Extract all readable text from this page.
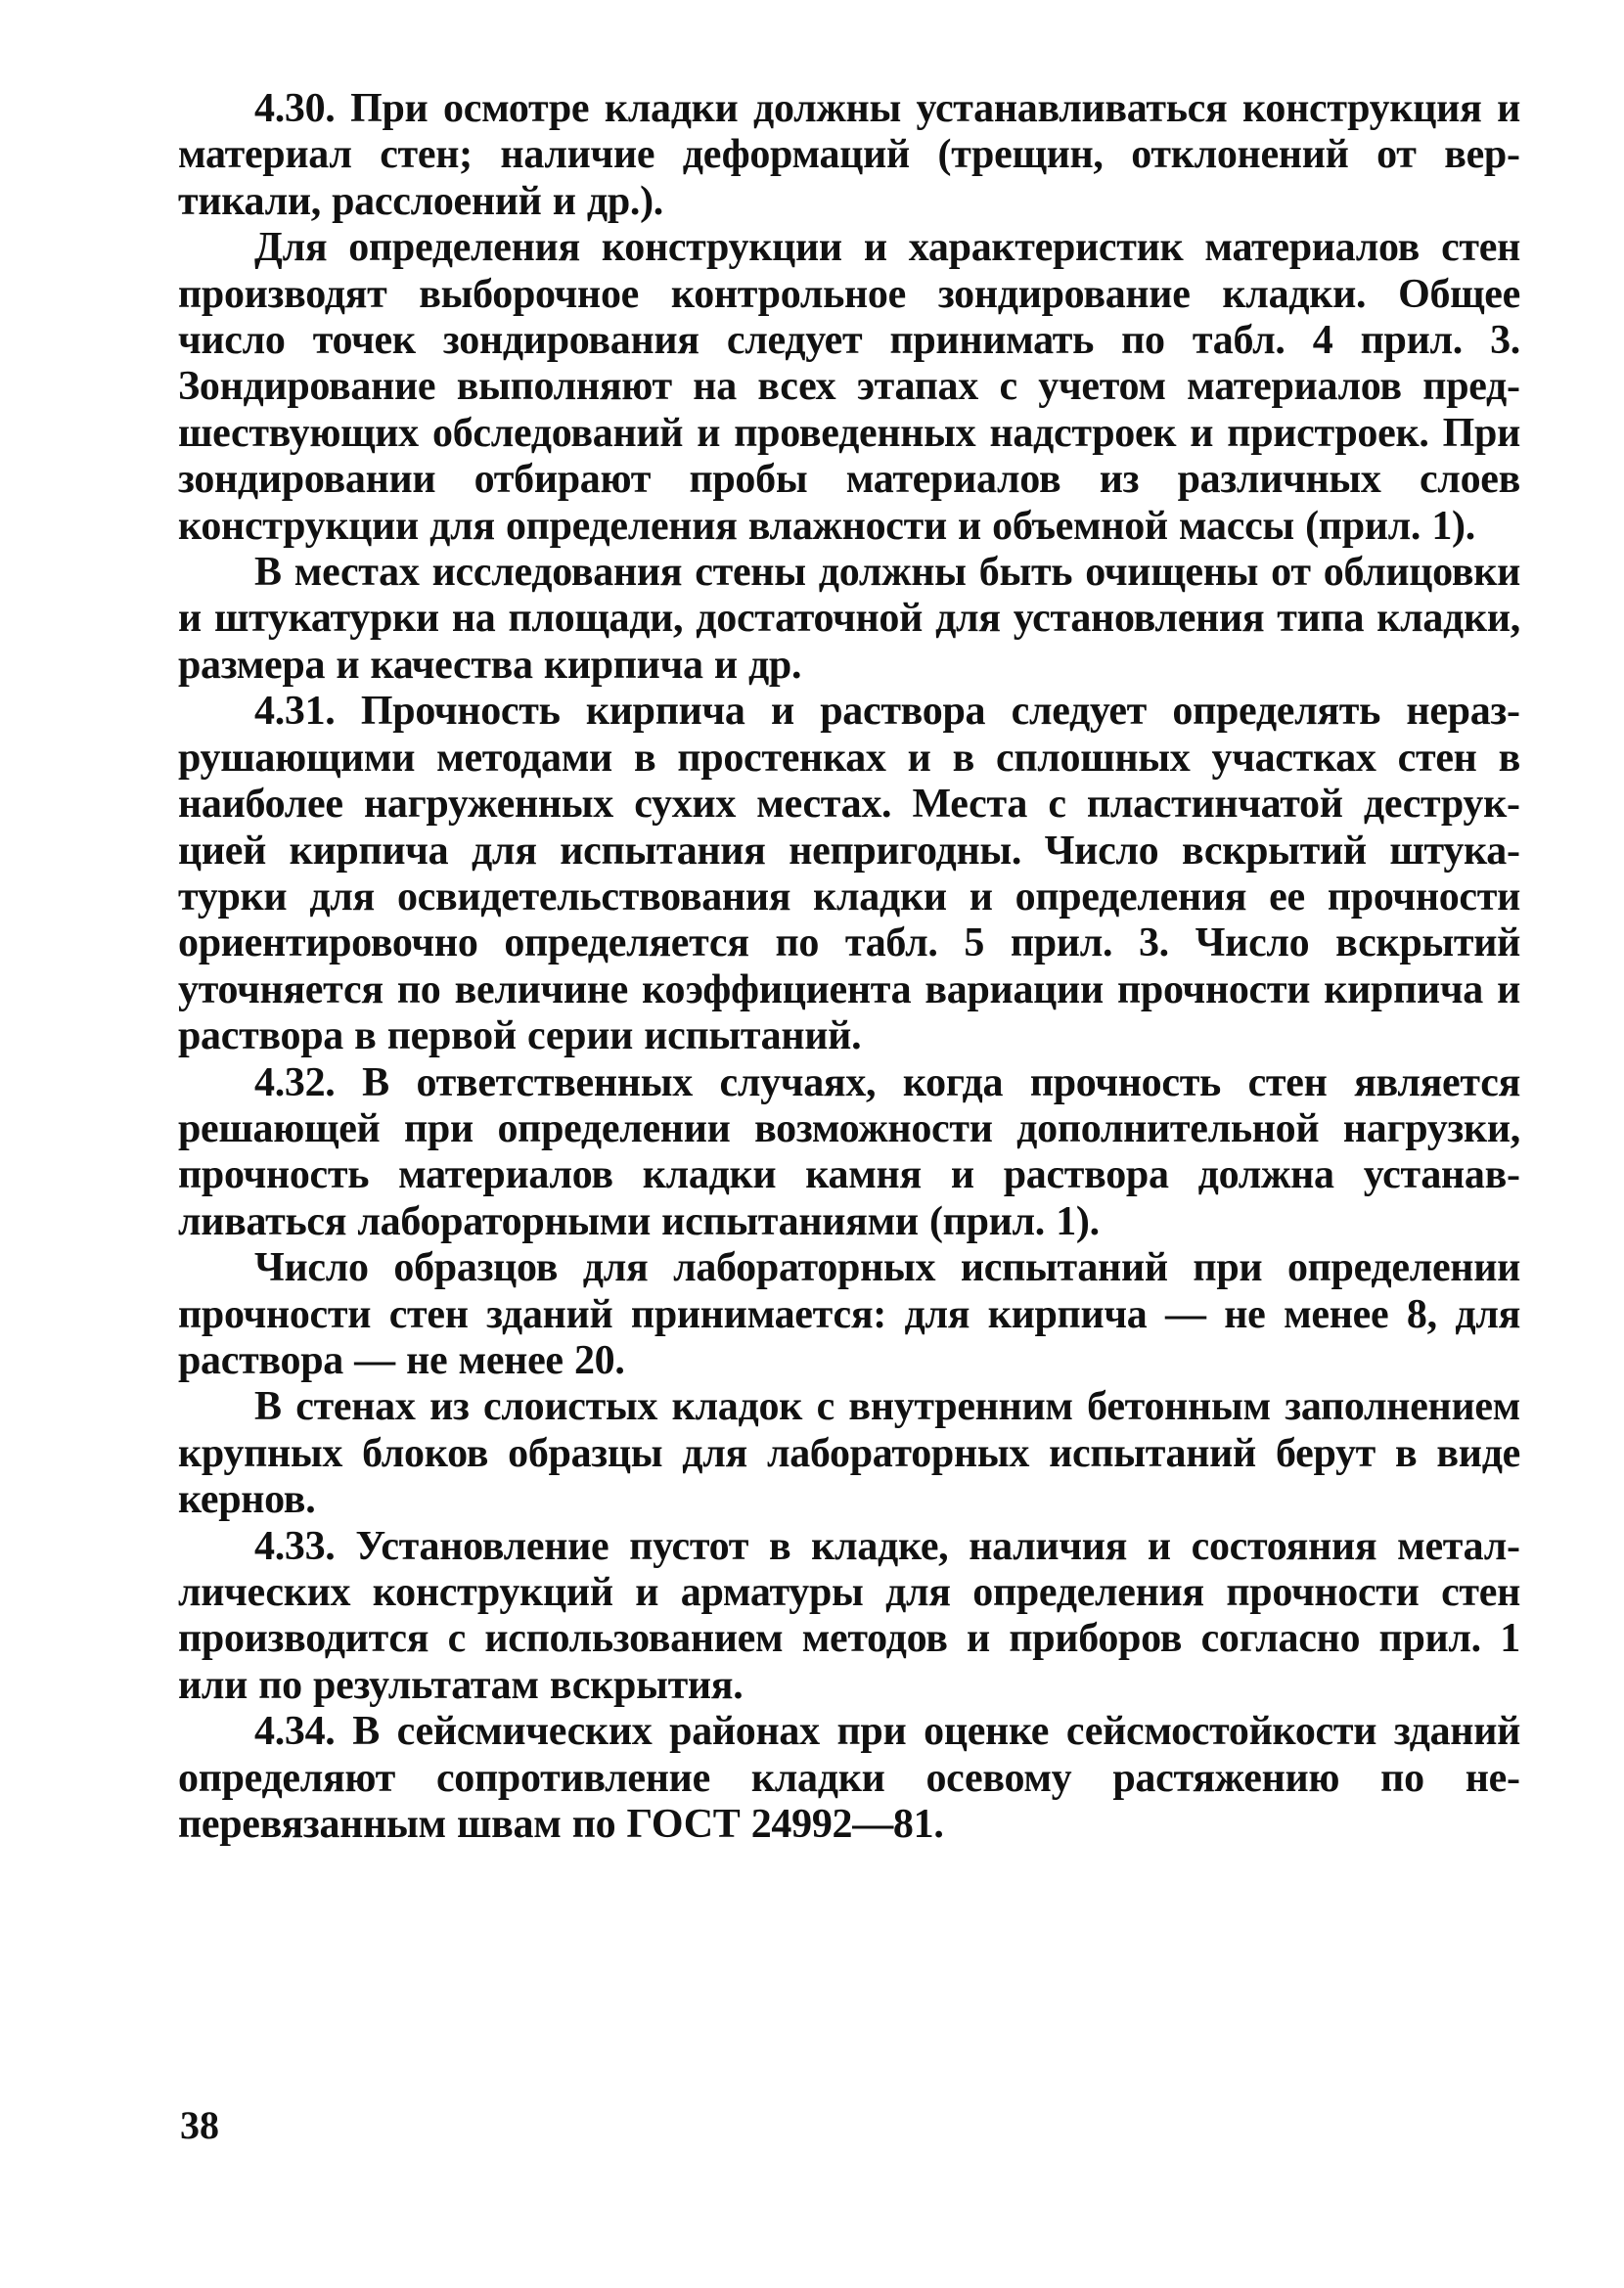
4.30. При осмотре кладки должны устанавливаться конструкция и материал стен; наличие деформаций (трещин, отклонений от вертикали, расслоений и др.).

Для определения конструкции и характеристик материалов стен производят выборочное контрольное зондирование кладки. Общее число точек зондирования следует принимать по табл. 4 прил. 3. Зондирование выполняют на всех этапах с учетом материалов предшествующих обследований и проведенных надстроек и пристроек. При зондировании отбирают пробы материалов из различных слоев конструкции для определения влажности и объемной массы (прил. 1).

В местах исследования стены должны быть очищены от облицовки и штукатурки на площади, достаточной для установления типа кладки, размера и качества кирпича и др.

4.31. Прочность кирпича и раствора следует определять неразрушающими методами в простенках и в сплошных участках стен в наиболее нагруженных сухих местах. Места с пластинчатой деструкцией кирпича для испытания непригодны. Число вскрытий штукатурки для освидетельствования кладки и определения ее прочности ориентировочно определяется по табл. 5 прил. 3. Число вскрытий уточняется по величине коэффициента вариации прочности кирпича и раствора в первой серии испытаний.

4.32. В ответственных случаях, когда прочность стен является решающей при определении возможности дополнительной нагрузки, прочность материалов кладки камня и раствора должна устанавливаться лабораторными испытаниями (прил. 1).

Число образцов для лабораторных испытаний при определении прочности стен зданий принимается: для кирпича — не менее 8, для раствора — не менее 20.

В стенах из слоистых кладок с внутренним бетонным заполнением крупных блоков образцы для лабораторных испытаний берут в виде кернов.

4.33. Установление пустот в кладке, наличия и состояния металлических конструкций и арматуры для определения прочности стен производится с использованием методов и приборов согласно прил. 1 или по результатам вскрытия.

4.34. В сейсмических районах при оценке сейсмостойкости зданий определяют сопротивление кладки осевому растяжению по неперевязанным швам по ГОСТ 24992—81.

38
